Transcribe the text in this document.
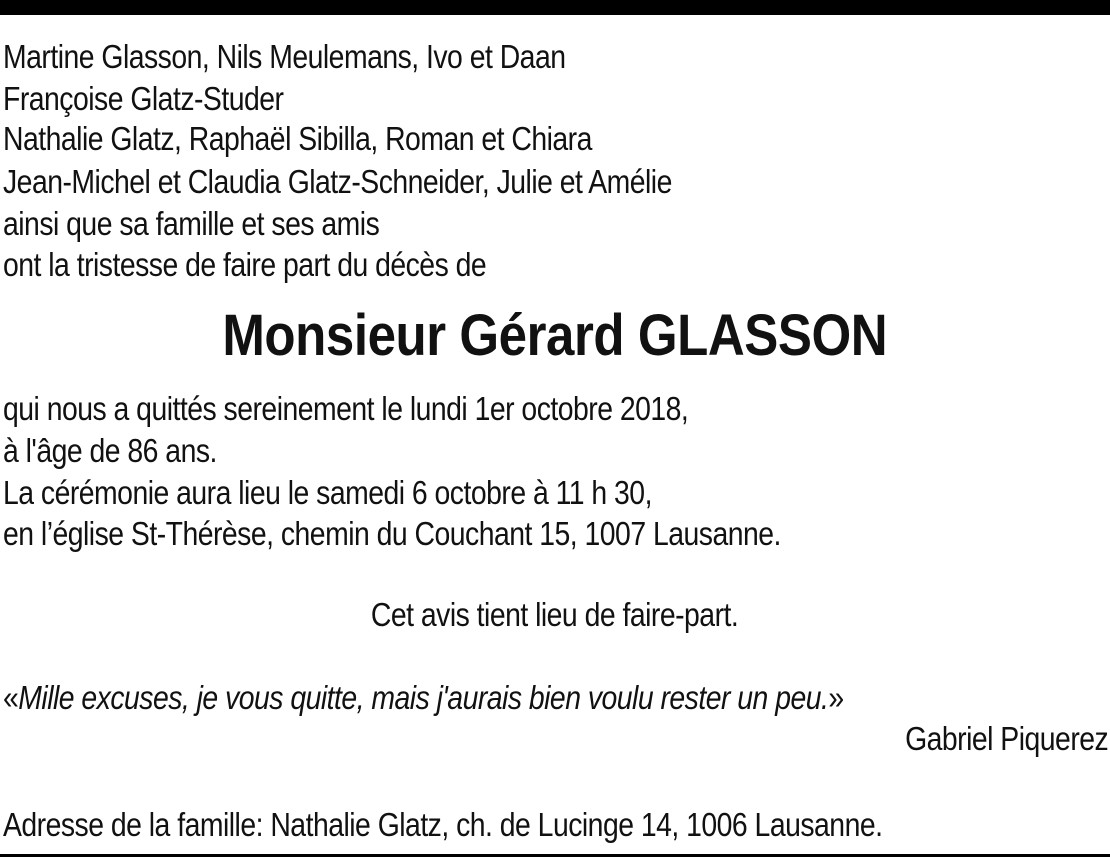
Martine Glasson, Nils Meulemans, Ivo et Daan
Françoise Glatz-Studer
Nathalie Glatz, Raphaël Sibilla, Roman et Chiara
Jean-Michel et Claudia Glatz-Schneider, Julie et Amélie
ainsi que sa famille et ses amis
ont la tristesse de faire part du décès de
Monsieur Gérard GLASSON
qui nous a quittés sereinement le lundi 1er octobre 2018,
à l'âge de 86 ans.
La cérémonie aura lieu le samedi 6 octobre à 11 h 30,
en l’église St-Thérèse, chemin du Couchant 15, 1007 Lausanne.
Cet avis tient lieu de faire-part.
«Mille excuses, je vous quitte, mais j'aurais bien voulu rester un peu.»
Gabriel Piquerez
Adresse de la famille: Nathalie Glatz, ch. de Lucinge 14, 1006 Lausanne.
